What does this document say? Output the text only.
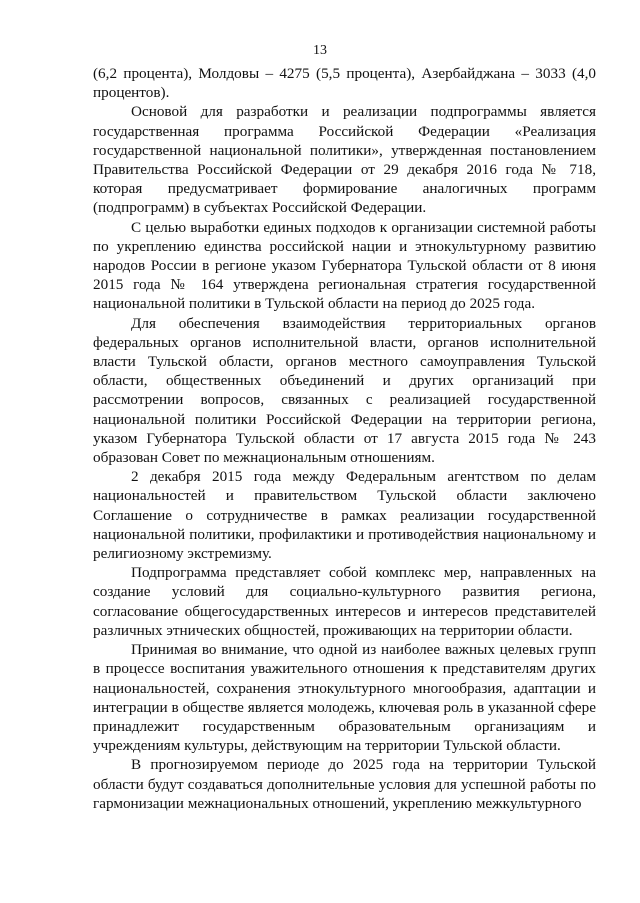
13

(6,2 процента), Молдовы – 4275 (5,5 процента), Азербайджана – 3033 (4,0 процентов).

Основой для разработки и реализации подпрограммы является государственная программа Российской Федерации «Реализация государственной национальной политики», утвержденная постановлением Правительства Российской Федерации от 29 декабря 2016 года № 718, которая предусматривает формирование аналогичных программ (подпрограмм) в субъектах Российской Федерации.

С целью выработки единых подходов к организации системной работы по укреплению единства российской нации и этнокультурному развитию народов России в регионе указом Губернатора Тульской области от 8 июня 2015 года № 164 утверждена региональная стратегия государственной национальной политики в Тульской области на период до 2025 года.

Для обеспечения взаимодействия территориальных органов федеральных органов исполнительной власти, органов исполнительной власти Тульской области, органов местного самоуправления Тульской области, общественных объединений и других организаций при рассмотрении вопросов, связанных с реализацией государственной национальной политики Российской Федерации на территории региона, указом Губернатора Тульской области от 17 августа 2015 года № 243 образован Совет по межнациональным отношениям.

2 декабря 2015 года между Федеральным агентством по делам национальностей и правительством Тульской области заключено Соглашение о сотрудничестве в рамках реализации государственной национальной политики, профилактики и противодействия национальному и религиозному экстремизму.

Подпрограмма представляет собой комплекс мер, направленных на создание условий для социально-культурного развития региона, согласование общегосударственных интересов и интересов представителей различных этнических общностей, проживающих на территории области.

Принимая во внимание, что одной из наиболее важных целевых групп в процессе воспитания уважительного отношения к представителям других национальностей, сохранения этнокультурного многообразия, адаптации и интеграции в обществе является молодежь, ключевая роль в указанной сфере принадлежит государственным образовательным организациям и учреждениям культуры, действующим на территории Тульской области.

В прогнозируемом периоде до 2025 года на территории Тульской области будут создаваться дополнительные условия для успешной работы по гармонизации межнациональных отношений, укреплению межкультурного
